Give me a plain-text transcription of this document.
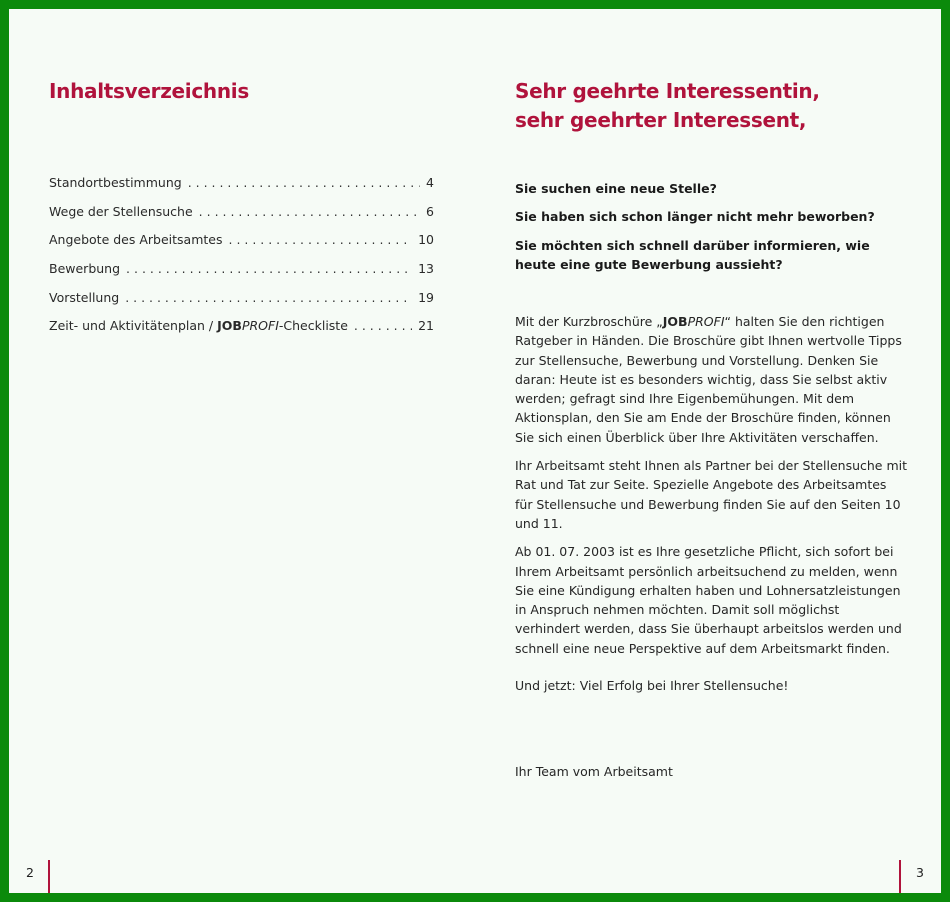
Inhaltsverzeichnis
Standortbestimmung . . .	4
Wege der Stellensuche . . .	6
Angebote des Arbeitsamtes . . .	10
Bewerbung . . .	13
Vorstellung . . .	19
Zeit- und Aktivitätenplan / JOBPROFI-Checkliste . . .	21
Sehr geehrte Interessentin,
sehr geehrter Interessent,

Sie suchen eine neue Stelle?

Sie haben sich schon länger nicht mehr beworben?

Sie möchten sich schnell darüber informieren, wie heute eine gute Bewerbung aussieht?

Mit der Kurzbroschüre „JOBPROFI“ halten Sie den richtigen Ratgeber in Händen. Die Broschüre gibt Ihnen wertvolle Tipps zur Stellensuche, Bewerbung und Vorstellung. Denken Sie daran: Heute ist es besonders wichtig, dass Sie selbst aktiv werden; gefragt sind Ihre Eigenbemühungen. Mit dem Aktionsplan, den Sie am Ende der Broschüre finden, können Sie sich einen Überblick über Ihre Aktivitäten verschaffen.

Ihr Arbeitsamt steht Ihnen als Partner bei der Stellensuche mit Rat und Tat zur Seite. Spezielle Angebote des Arbeitsamtes für Stellensuche und Bewerbung finden Sie auf den Seiten 10 und 11.

Ab 01. 07. 2003 ist es Ihre gesetzliche Pflicht, sich sofort bei Ihrem Arbeitsamt persönlich arbeitsuchend zu melden, wenn Sie eine Kündigung erhalten haben und Lohnersatzleistungen in Anspruch nehmen möchten. Damit soll möglichst verhindert werden, dass Sie überhaupt arbeitslos werden und schnell eine neue Perspektive auf dem Arbeitsmarkt finden.

Und jetzt: Viel Erfolg bei Ihrer Stellensuche!

Ihr Team vom Arbeitsamt

2	3
